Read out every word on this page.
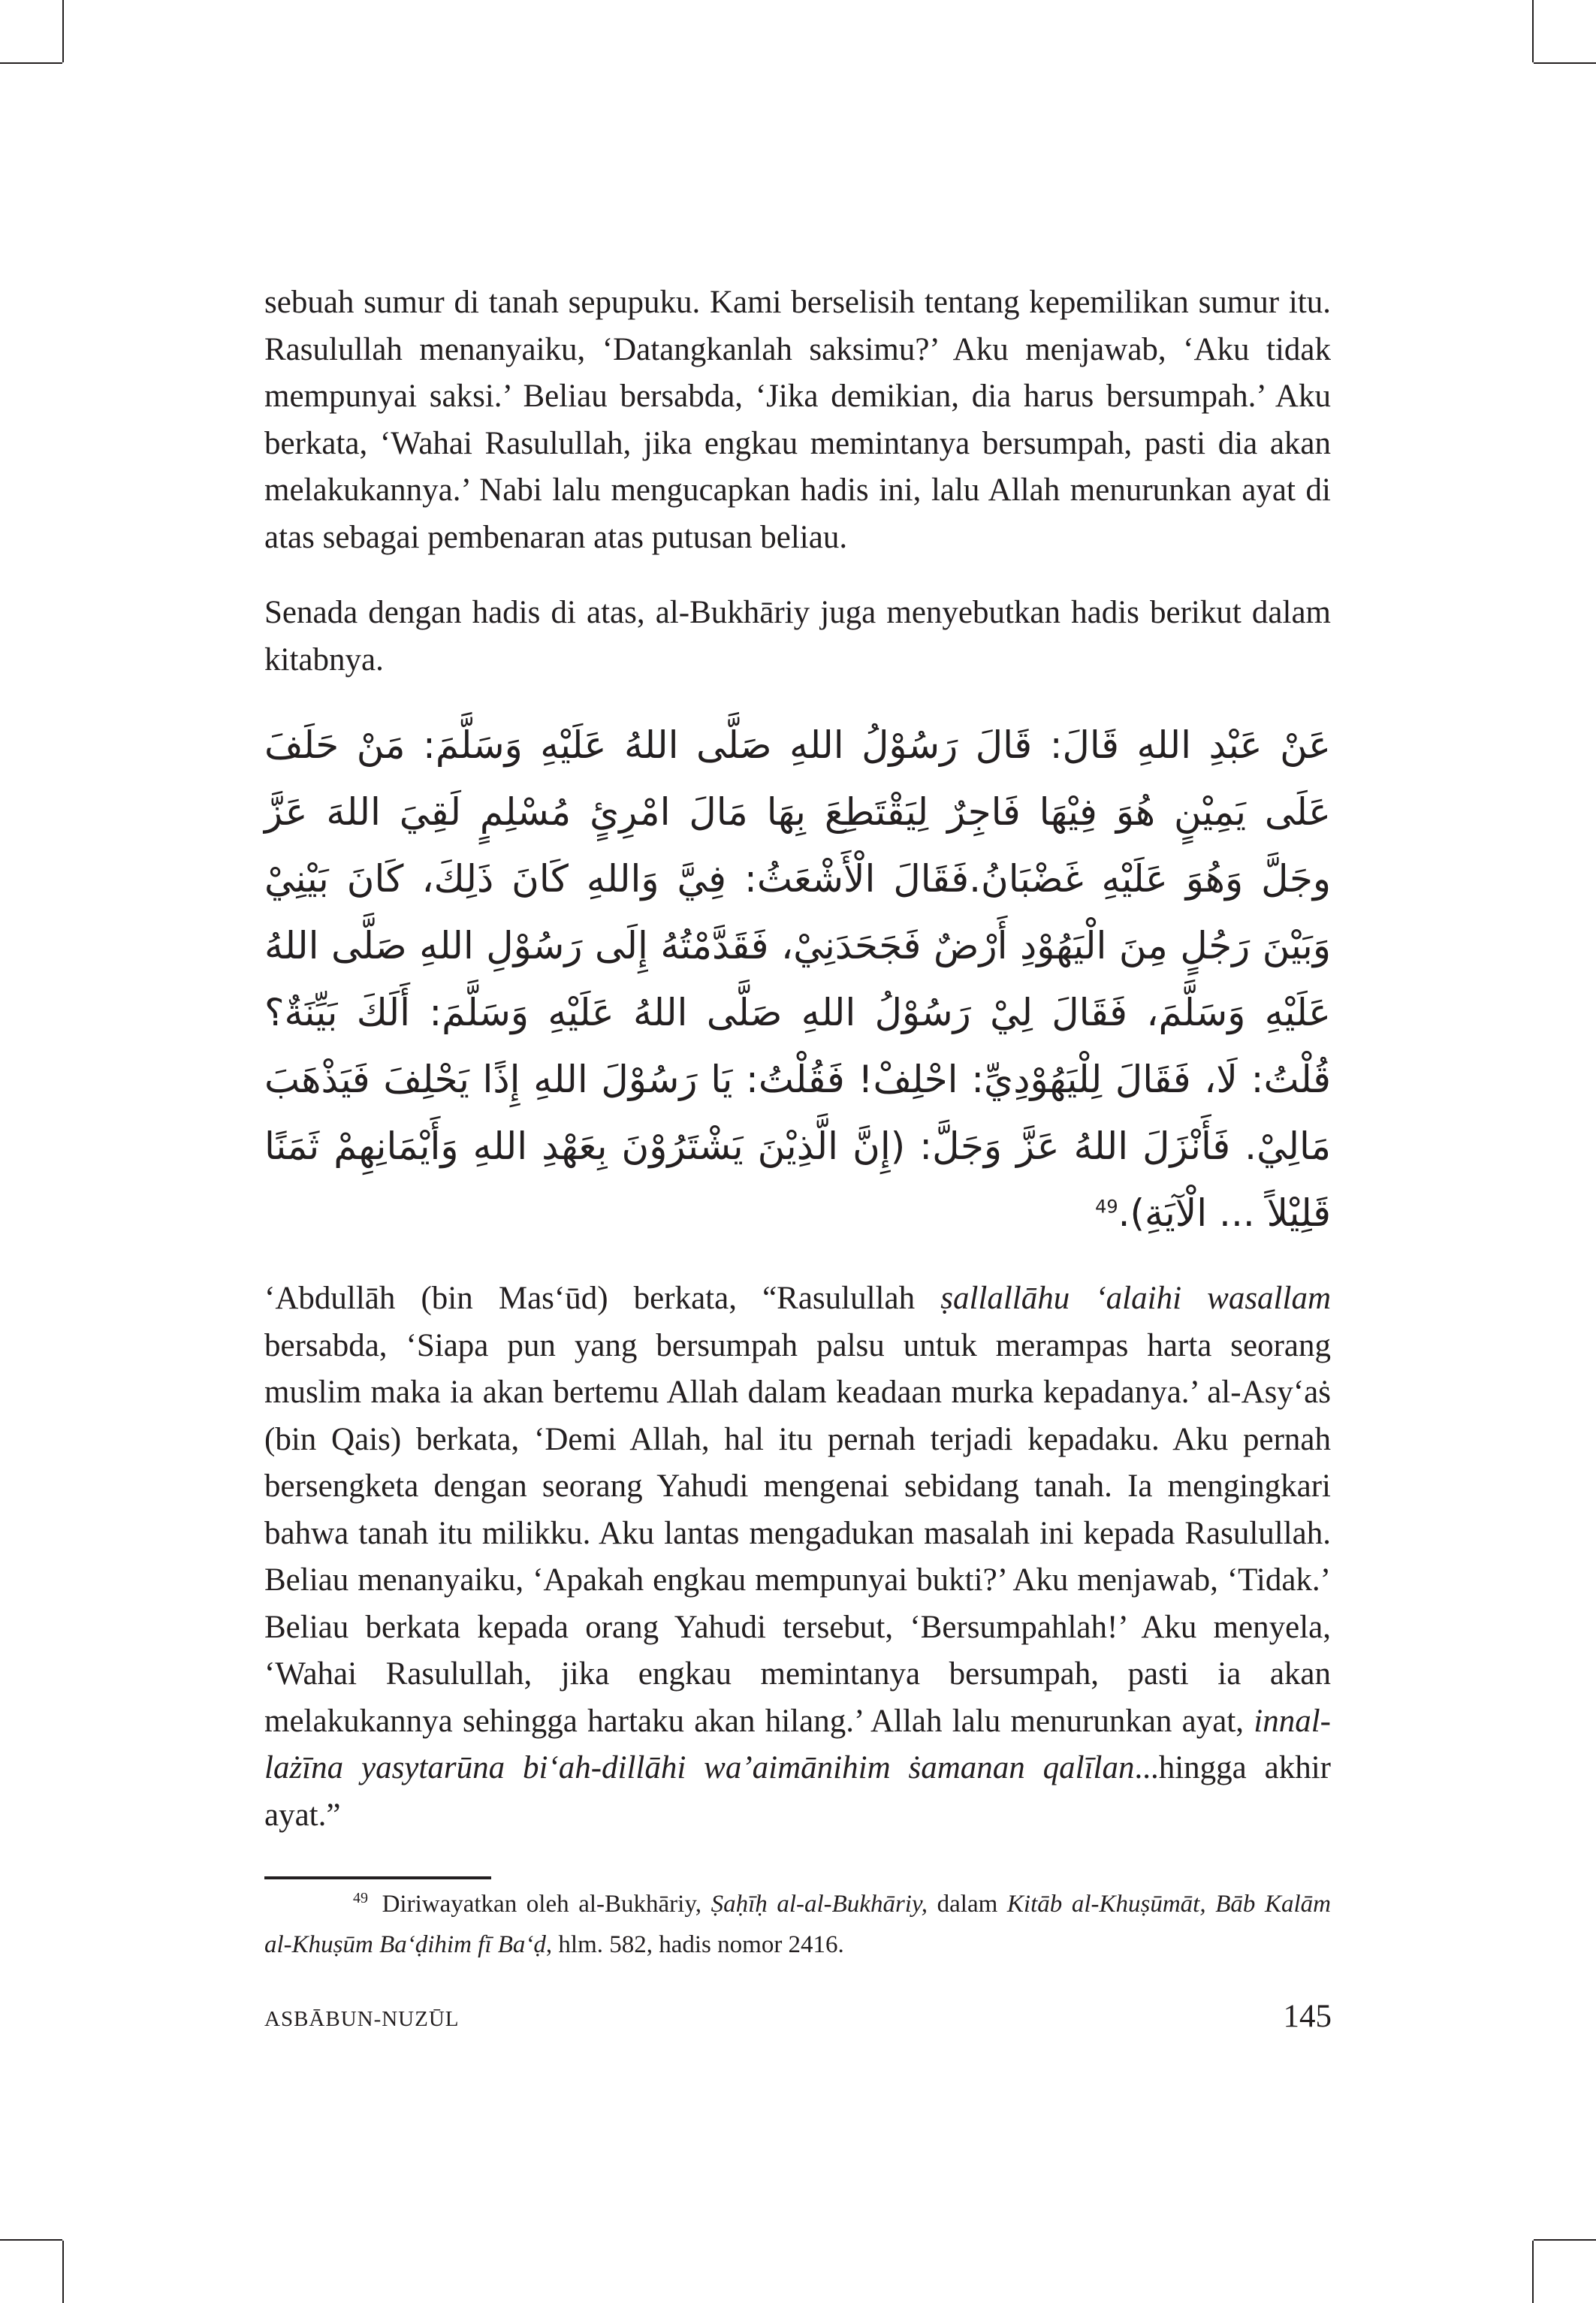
sebuah sumur di tanah sepupuku. Kami berselisih tentang kepemilikan sumur itu. Rasulullah menanyaiku, ‘Datangkanlah saksimu?’ Aku menjawab, ‘Aku tidak mempunyai saksi.’ Beliau bersabda, ‘Jika demikian, dia harus bersumpah.’ Aku berkata, ‘Wahai Rasulullah, jika engkau memintanya bersumpah, pasti dia akan melakukannya.’ Nabi lalu mengucapkan hadis ini, lalu Allah menurunkan ayat di atas sebagai pembenaran atas putusan beliau.

Senada dengan hadis di atas, al-Bukhāriy juga menyebutkan hadis berikut dalam kitabnya.

عَنْ عَبْدِ اللهِ قَالَ: قَالَ رَسُوْلُ اللهِ صَلَّى اللهُ عَلَيْهِ وَسَلَّمَ: مَنْ حَلَفَ عَلَى يَمِيْنٍ هُوَ فِيْهَا فَاجِرٌ لِيَقْتَطِعَ بِهَا مَالَ امْرِئٍ مُسْلِمٍ لَقِيَ اللهَ عَزَّ وجَلَّ وَهُوَ عَلَيْهِ غَضْبَانُ.فَقَالَ الْأَشْعَثُ: فِيَّ وَاللهِ كَانَ ذَلِكَ، كَانَ بَيْنِيْ وَبَيْنَ رَجُلٍ مِنَ الْيَهُوْدِ أَرْضٌ فَجَحَدَنِيْ، فَقَدَّمْتُهُ إِلَى رَسُوْلِ اللهِ صَلَّى اللهُ عَلَيْهِ وَسَلَّمَ، فَقَالَ لِيْ رَسُوْلُ اللهِ صَلَّى اللهُ عَلَيْهِ وَسَلَّمَ: أَلَكَ بَيِّنَةٌ؟ قُلْتُ: لَا، فَقَالَ لِلْيَهُوْدِيِّ: احْلِفْ! فَقُلْتُ: يَا رَسُوْلَ اللهِ إِذًا يَحْلِفَ فَيَذْهَبَ مَالِيْ. فَأَنْزَلَ اللهُ عَزَّ وَجَلَّ: (إِنَّ الَّذِيْنَ يَشْتَرُوْنَ بِعَهْدِ اللهِ وَأَيْمَانِهِمْ ثَمَنًا قَلِيْلاً ... الْآيَةِ).$^{49}$

‘Abdullāh (bin Mas‘ūd) berkata, “Rasulullah ṣallallāhu ‘alaihi wasallam bersabda, ‘Siapa pun yang bersumpah palsu untuk merampas harta seorang muslim maka ia akan bertemu Allah dalam keadaan murka kepadanya.’ al-Asy‘aṡ (bin Qais) berkata, ‘Demi Allah, hal itu pernah terjadi kepadaku. Aku pernah bersengketa dengan seorang Yahudi mengenai sebidang tanah. Ia mengingkari bahwa tanah itu milikku. Aku lantas mengadukan masalah ini kepada Rasulullah. Beliau menanyaiku, ‘Apakah engkau mempunyai bukti?’ Aku menjawab, ‘Tidak.’ Beliau berkata kepada orang Yahudi tersebut, ‘Bersumpahlah!’ Aku menyela, ‘Wahai Rasulullah, jika engkau memintanya bersumpah, pasti ia akan melakukannya sehingga hartaku akan hilang.’ Allah lalu menurunkan ayat, innal-lażīna yasytarūna bi‘ah-dillāhi wa’aimānihim ṡamanan qalīlan...hingga akhir ayat.”

$^{49}$ Diriwayatkan oleh al-Bukhāriy, Ṣaḥīḥ al-al-Bukhāriy, dalam Kitāb al-Khuṣūmāt, Bāb Kalām al-Khuṣūm Ba‘ḍihim fī Ba‘ḍ, hlm. 582, hadis nomor 2416.
ASBĀBUN-NUZŪL	145
